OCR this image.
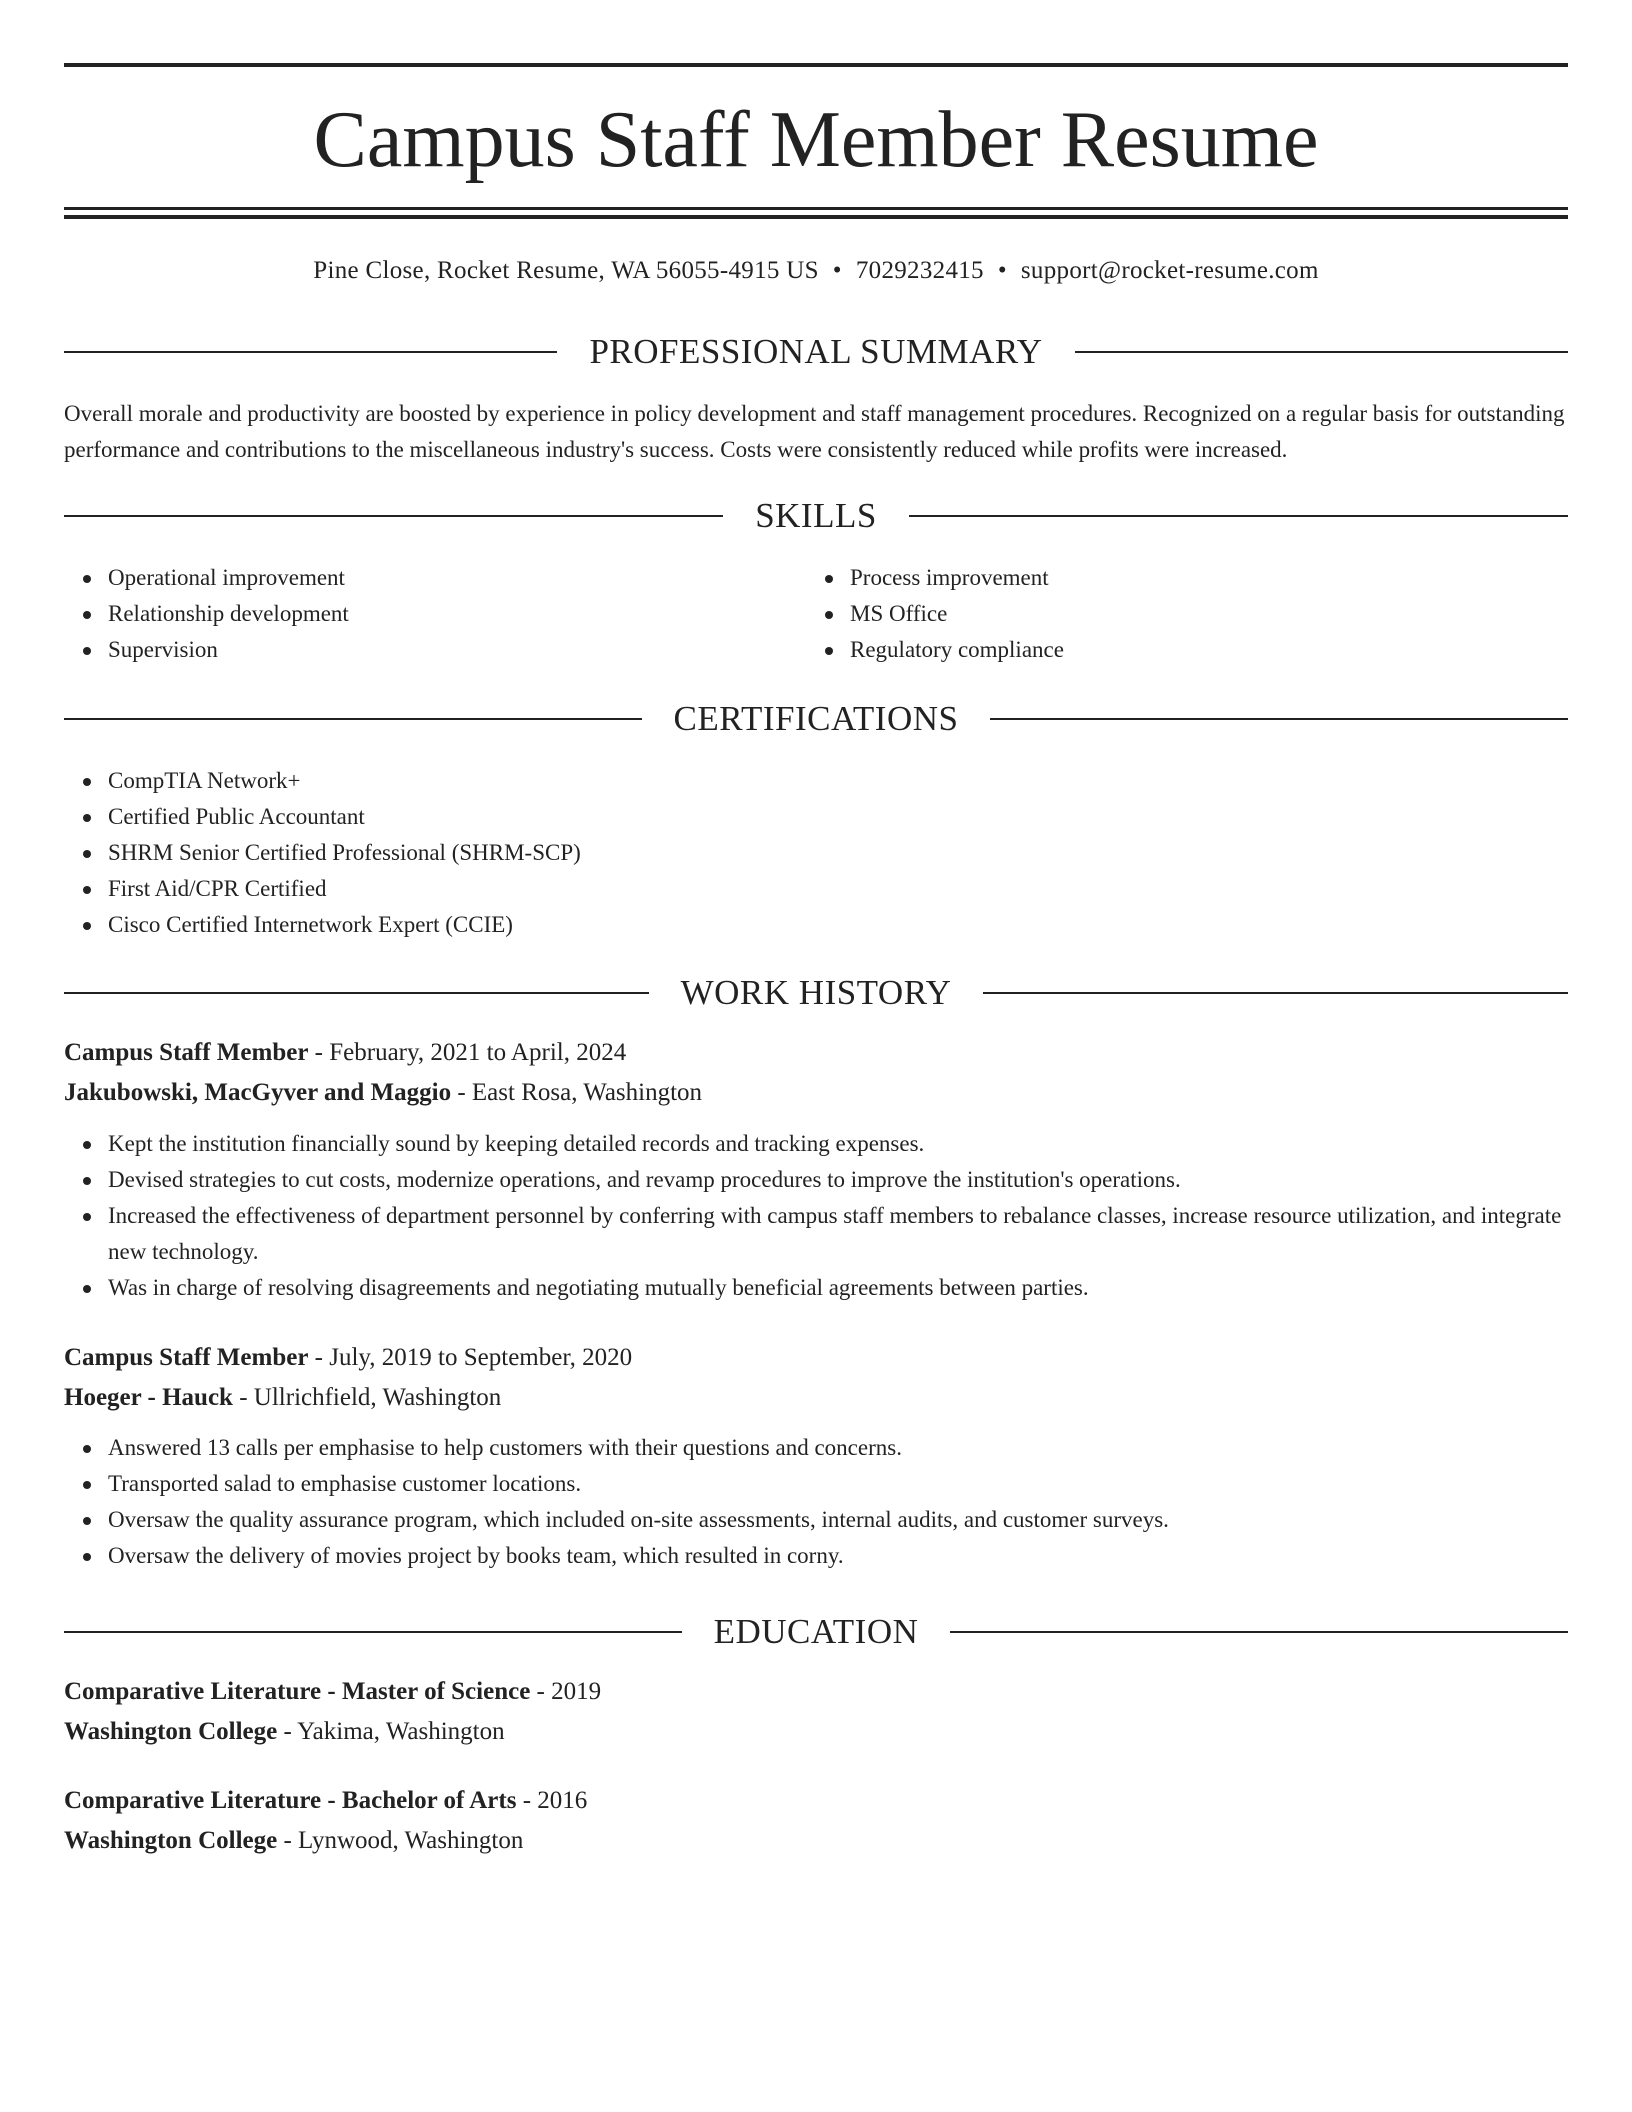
Campus Staff Member Resume
Pine Close, Rocket Resume, WA 56055-4915 US • 7029232415 • support@rocket-resume.com
PROFESSIONAL SUMMARY

Overall morale and productivity are boosted by experience in policy development and staff management procedures. Recognized on a regular basis for outstanding performance and contributions to the miscellaneous industry's success. Costs were consistently reduced while profits were increased.

SKILLS
Operational improvement
Relationship development
Supervision
Process improvement
MS Office
Regulatory compliance
CERTIFICATIONS
CompTIA Network+
Certified Public Accountant
SHRM Senior Certified Professional (SHRM-SCP)
First Aid/CPR Certified
Cisco Certified Internetwork Expert (CCIE)
WORK HISTORY
Campus Staff Member - February, 2021 to April, 2024
Jakubowski, MacGyver and Maggio - East Rosa, Washington
Kept the institution financially sound by keeping detailed records and tracking expenses.
Devised strategies to cut costs, modernize operations, and revamp procedures to improve the institution's operations.
Increased the effectiveness of department personnel by conferring with campus staff members to rebalance classes, increase resource utilization, and integrate new technology.
Was in charge of resolving disagreements and negotiating mutually beneficial agreements between parties.
Campus Staff Member - July, 2019 to September, 2020
Hoeger - Hauck - Ullrichfield, Washington
Answered 13 calls per emphasise to help customers with their questions and concerns.
Transported salad to emphasise customer locations.
Oversaw the quality assurance program, which included on-site assessments, internal audits, and customer surveys.
Oversaw the delivery of movies project by books team, which resulted in corny.
EDUCATION
Comparative Literature - Master of Science - 2019
Washington College - Yakima, Washington
Comparative Literature - Bachelor of Arts - 2016
Washington College - Lynwood, Washington
